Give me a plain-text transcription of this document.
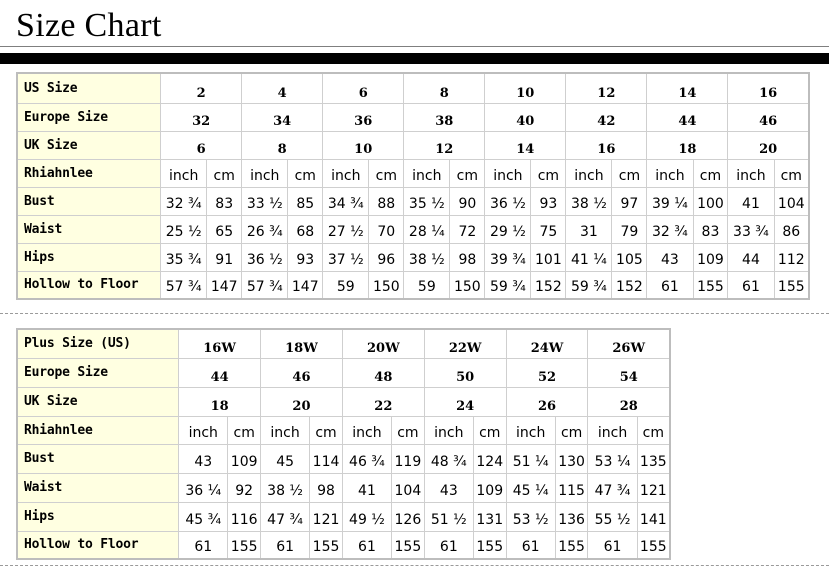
Size Chart
US Size	2		4		6		8		10		12		14		16	
Europe Size	32		34		36		38		40		42		44		46	
UK Size	6		8		10		12		14		16		18		20	
Rhiahnlee	inch	cm	inch	cm	inch	cm	inch	cm	inch	cm	inch	cm	inch	cm	inch	cm
Bust	32 ¾	83	33 ½	85	34 ¾	88	35 ½	90	36 ½	93	38 ½	97	39 ¼	100	41	104
Waist	25 ½	65	26 ¾	68	27 ½	70	28 ¼	72	29 ½	75	31	79	32 ¾	83	33 ¾	86
Hips	35 ¾	91	36 ½	93	37 ½	96	38 ½	98	39 ¾	101	41 ¼	105	43	109	44	112
Hollow to Floor	57 ¾	147	57 ¾	147	59	150	59	150	59 ¾	152	59 ¾	152	61	155	61	155
Plus Size (US)	16W		18W		20W		22W		24W		26W	
Europe Size	44		46		48		50		52		54	
UK Size	18		20		22		24		26		28	
Rhiahnlee	inch	cm	inch	cm	inch	cm	inch	cm	inch	cm	inch	cm
Bust	43	109	45	114	46 ¾	119	48 ¾	124	51 ¼	130	53 ¼	135
Waist	36 ¼	92	38 ½	98	41	104	43	109	45 ¼	115	47 ¾	121
Hips	45 ¾	116	47 ¾	121	49 ½	126	51 ½	131	53 ½	136	55 ½	141
Hollow to Floor	61	155	61	155	61	155	61	155	61	155	61	155
